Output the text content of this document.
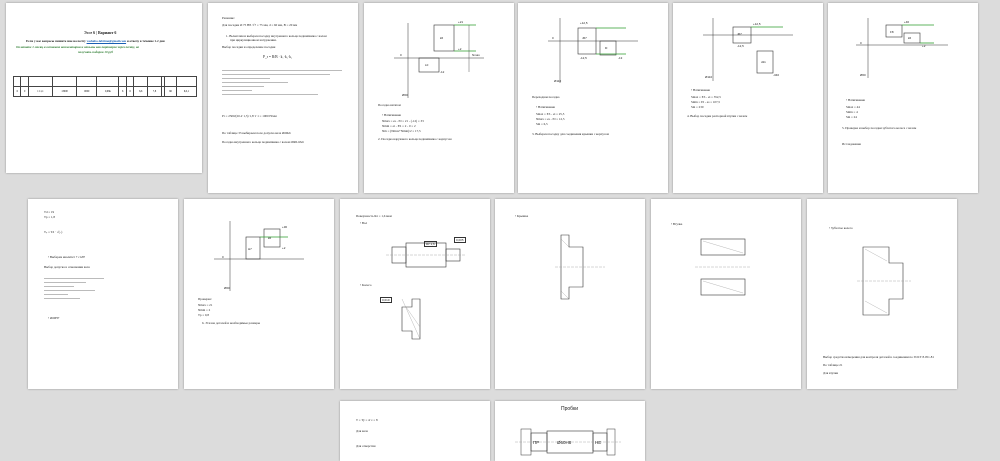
Эссе 6 | Вариант 6
Если у вас вопросы пишите мне на почту vashabo-labtime@gmail.com и отвечу в течение 1-2 дня
Оплатите 1 месяц и оставьте комментарии и отзывы как партнеров через почту, не
получать подарок 10 руб

6	0	1 11,1	13000	0000	0,08к	6	6	6,6	7,8		66	6,0,1
Решение:
Для посадки Ø 75 Н8 / f7 = 75 мм, d = 60 мм, В = 20 мм
1. Вычислим и выберем посадку внутреннего кольца подшипника с валом
при циркуляционном нагружении.
Выбор посадки и определение посадки
P_r = R/B · k₁·k₂·k₃
Pr = 2500/(20-2·1,5)·1,8·1·1 = 1000 Н/мм
По таблице 33 выбираем поле допуска вала Ø60k6
Посадка внутреннего кольца подшипника с валом Ø60L0/k6
+21
+2
k6
0
-12
L0
Ø60
Nmax
Посадка натягом
• Натягивание
Nmax = es - EI = 21 - (-12) = 33
Nmin = ei - ES = 2 - 0 = 2
Nm = (Nmax+Nmin)/2 = 17,5
2. Посадка наружного кольца подшипника с корпусом
+12,5
J67
l0
0
-12,5	-13
Ø110
Переходная посадка
• Натягивание
Smax = ES - ei = 25,5
Nmax = es - EI = 12,5
Sm = 6,5
3. Выберем посадку для соединения крышки с корпусом
+12,5
J67
Ø110
d11
-12,5
-340
• Натягивание
Smax = ES - ei = 352,5
Smin = EI - es = 107,5
Sm = 230
4. Выбор посадки распорной втулки с валом
+46
F8
0
k6
+2
Ø60
• Натягивание
Smax = 44
Smin = 4
Sm = 24
5. Проверка и выбор посадки зубчатого колеса с валом
Исследование
Td = 19
Tp = 1,8
Tₚ = Td · √(..)
• Выберем квалитет 7 с k87
Выбор допуска в отношении вала
• Ø60H7
+30
H7
0
k6
+2
Ø60
Проверка:
Nmax = 21
Nmin = 2
Tp = 0,8
6. Эталон деталей и необходимые размеры
Поверхность Rz = 1,6 мкм
• Вал
Rz 1,6
0,005
• Колесо
0,010
• Крышка
• Втулка
• Зубчатое колесо
Выбор средства измерения для контроля деталей в соединении по ГОСТ 8.051-81
По таблице 21
Для втулки
Т = Ту = Δ·ε = 8
Для вала
Для отверстия
Пробки
ПР	Ø60Н8	НЕ
